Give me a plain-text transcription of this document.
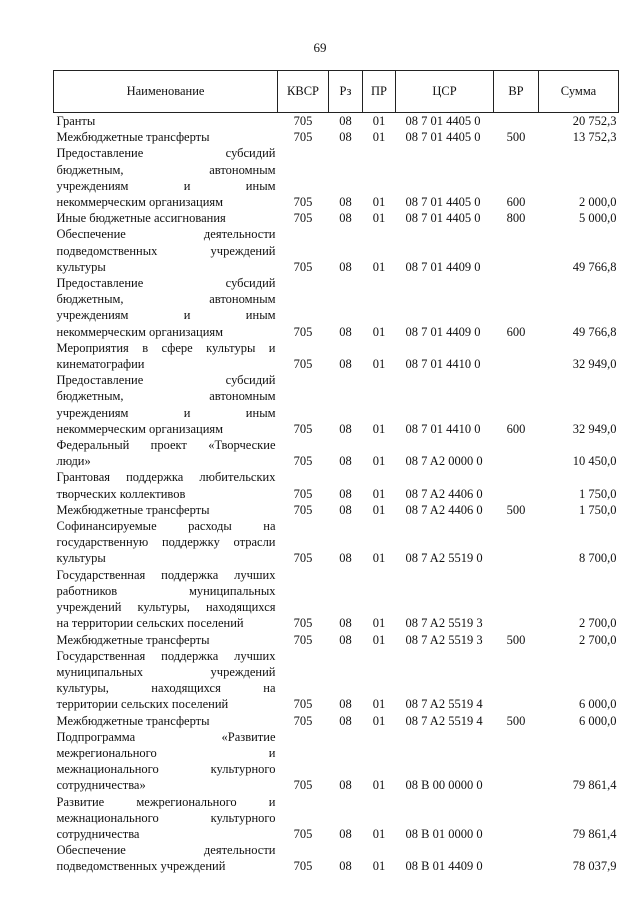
69
Наименование	КВСР	Рз	ПР	ЦСР	ВР	Сумма

Гранты	705	08	01	08 7 01 4405 0		20 752,3

Межбюджетные трансферты	705	08	01	08 7 01 4405 0	500	13 752,3

Предоставление субсидий
бюджетным, автономным
учреждениям и иным
некоммерческим организациям	705	08	01	08 7 01 4405 0	600	2 000,0

Иные бюджетные ассигнования	705	08	01	08 7 01 4405 0	800	5 000,0

Обеспечение деятельности
подведомственных учреждений
культуры	705	08	01	08 7 01 4409 0		49 766,8

Предоставление субсидий
бюджетным, автономным
учреждениям и иным
некоммерческим организациям	705	08	01	08 7 01 4409 0	600	49 766,8

Мероприятия в сфере культуры и
кинематографии	705	08	01	08 7 01 4410 0		32 949,0

Предоставление субсидий
бюджетным, автономным
учреждениям и иным
некоммерческим организациям	705	08	01	08 7 01 4410 0	600	32 949,0

Федеральный проект «Творческие
люди»	705	08	01	08 7 A2 0000 0		10 450,0

Грантовая поддержка любительских
творческих коллективов	705	08	01	08 7 A2 4406 0		1 750,0

Межбюджетные трансферты	705	08	01	08 7 A2 4406 0	500	1 750,0

Софинансируемые расходы на
государственную поддержку отрасли
культуры	705	08	01	08 7 A2 5519 0		8 700,0

Государственная поддержка лучших
работников муниципальных
учреждений культуры, находящихся
на территории сельских поселений	705	08	01	08 7 A2 5519 3		2 700,0

Межбюджетные трансферты	705	08	01	08 7 A2 5519 3	500	2 700,0

Государственная поддержка лучших
муниципальных учреждений
культуры, находящихся на
территории сельских поселений	705	08	01	08 7 A2 5519 4		6 000,0

Межбюджетные трансферты	705	08	01	08 7 A2 5519 4	500	6 000,0

Подпрограмма «Развитие
межрегионального и
межнационального культурного
сотрудничества»	705	08	01	08 B 00 0000 0		79 861,4

Развитие межрегионального и
межнационального культурного
сотрудничества	705	08	01	08 B 01 0000 0		79 861,4

Обеспечение деятельности
подведомственных учреждений	705	08	01	08 B 01 4409 0		78 037,9
